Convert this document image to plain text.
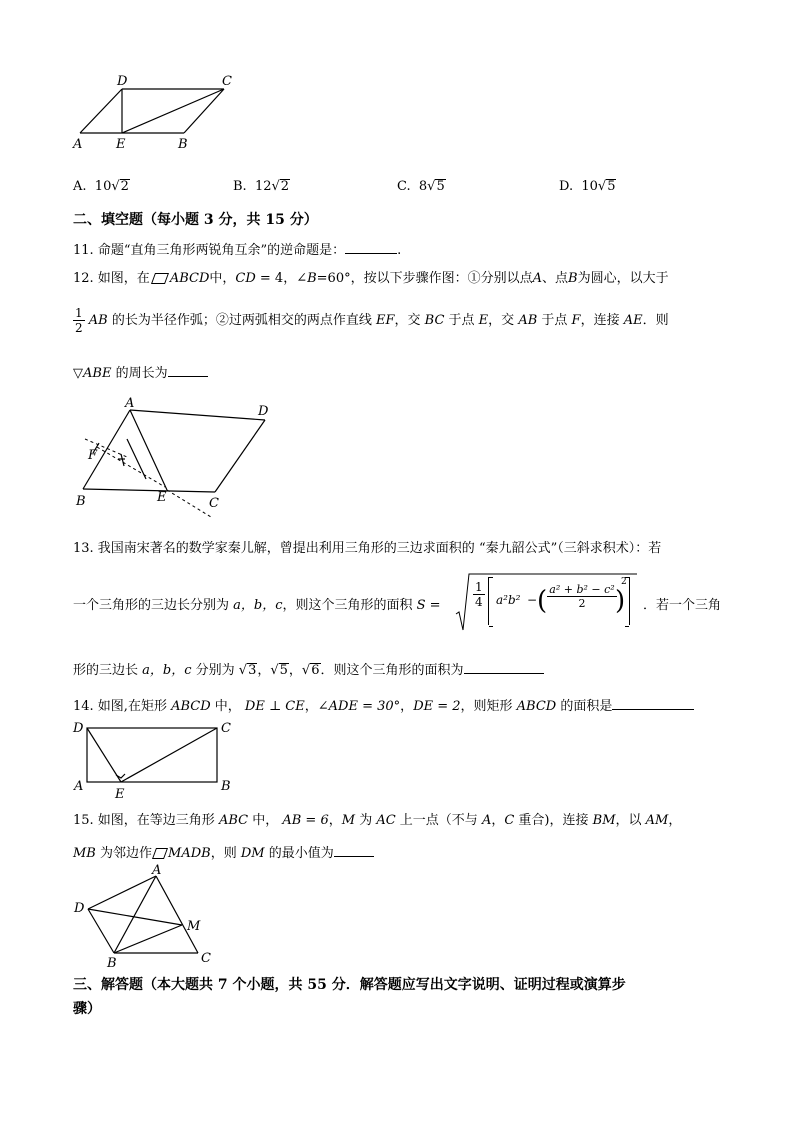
D	C
A	E	B
A. 10√2	B. 12√2	C. 8√5	D. 10√5
二、填空题（每小题 3 分，共 15 分）
11. 命题“直角三角形两锐角互余”的逆命题是：	.
12. 如图，在 ABCD中，CD = 4，∠B=60°，按以下步骤作图：①分别以点A、点B为圆心，以大于
$\frac{1}{2}$ AB 的长为半径作弧；②过两弧相交的两点作直线 EF，交 BC 于点 E，交 AB 于点 F，连接 AE．则
▽ABE 的周长为
A
D
F
B	E	C
13. 我国南宋著名的数学家秦儿解，曾提出利用三角形的三边求面积的 “秦九韶公式”（三斜求积术）：若
一个三角形的三边长分别为 a，b，c，则这个三角形的面积 S =	$\frac{1}{4} a^2b^2$ − ( a² + b² − c²
2	)
2
．若一个三角
形的三边长 a，b，c 分别为 √3，√5，√6．则这个三角形的面积为
14. 如图,在矩形 ABCD 中， DE ⊥ CE，∠ADE = 30°，DE = 2，则矩形 ABCD 的面积是
D	C
A	B
E
15. 如图，在等边三角形 ABC 中， AB = 6，M 为 AC 上一点（不与 A，C 重合)，连接 BM，以 AM，
MB 为邻边作 MADB，则 DM 的最小值为
A
D
M
B	C
三、解答题（本大题共 7 个小题，共 55 分．解答题应写出文字说明、证明过程或演算步
骤）
